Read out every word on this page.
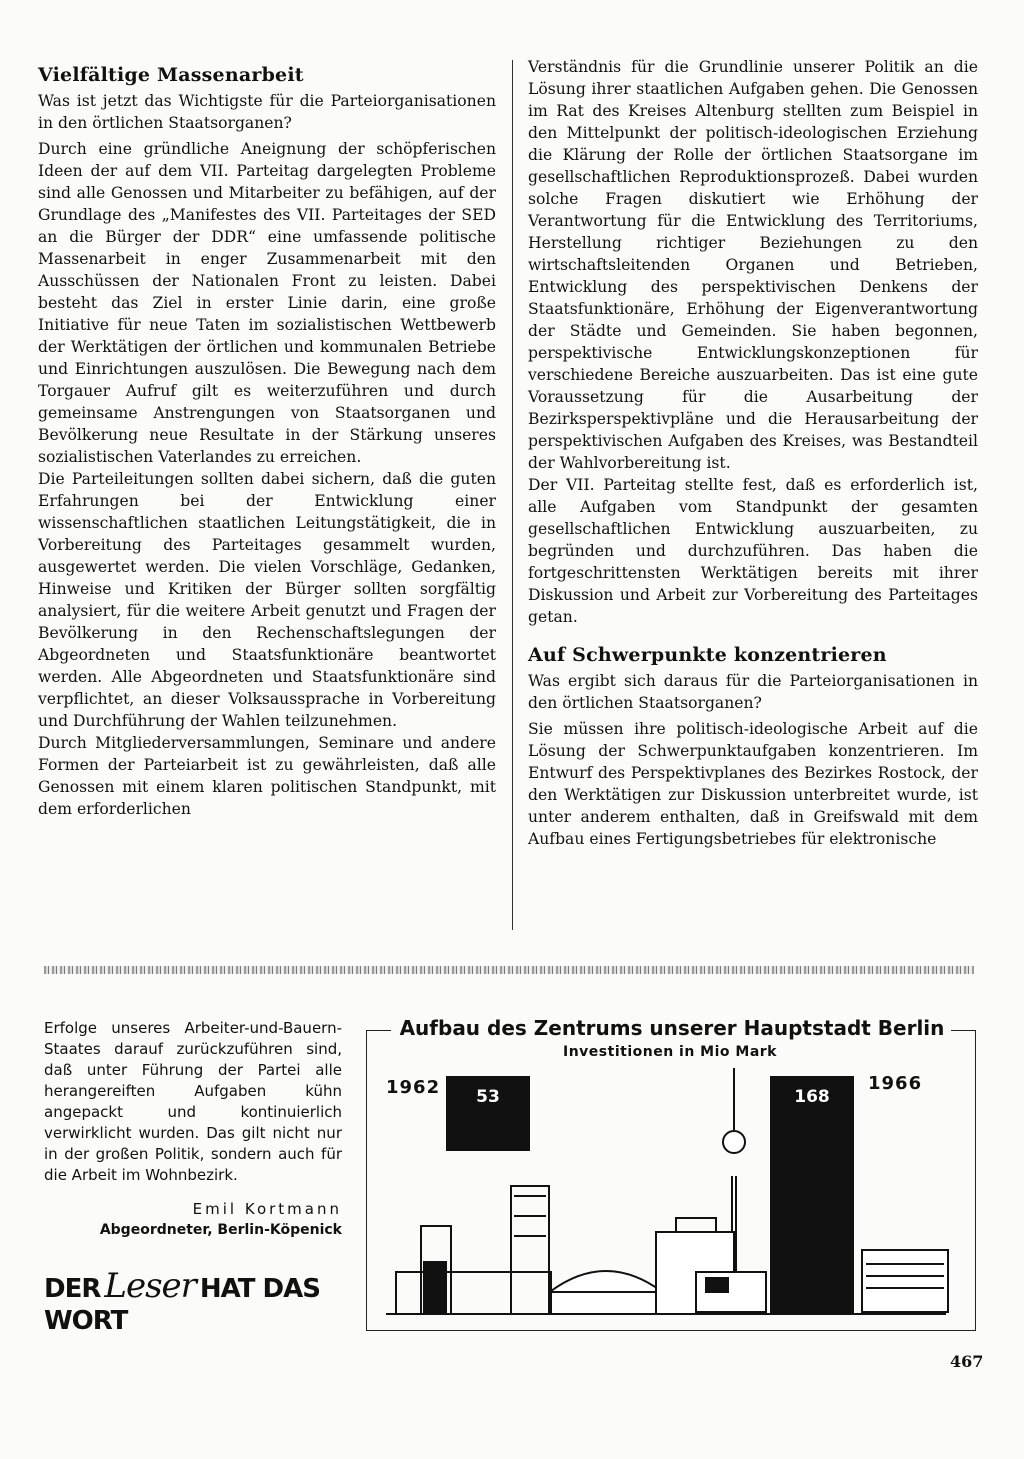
Vielfältige Massenarbeit

Was ist jetzt das Wichtigste für die Parteiorganisationen in den örtlichen Staatsorganen?

Durch eine gründliche Aneignung der schöpferischen Ideen der auf dem VII. Parteitag dargelegten Probleme sind alle Genossen und Mitarbeiter zu befähigen, auf der Grundlage des „Manifestes des VII. Parteitages der SED an die Bürger der DDR“ eine umfassende politische Massenarbeit in enger Zusammenarbeit mit den Ausschüssen der Nationalen Front zu leisten. Dabei besteht das Ziel in erster Linie darin, eine große Initiative für neue Taten im sozialistischen Wettbewerb der Werktätigen der örtlichen und kommunalen Betriebe und Einrichtungen auszulösen. Die Bewegung nach dem Torgauer Aufruf gilt es weiterzuführen und durch gemeinsame Anstrengungen von Staatsorganen und Bevölkerung neue Resultate in der Stärkung unseres sozialistischen Vaterlandes zu erreichen.

Die Parteileitungen sollten dabei sichern, daß die guten Erfahrungen bei der Entwicklung einer wissenschaftlichen staatlichen Leitungstätigkeit, die in Vorbereitung des Parteitages gesammelt wurden, ausgewertet werden. Die vielen Vorschläge, Gedanken, Hinweise und Kritiken der Bürger sollten sorgfältig analysiert, für die weitere Arbeit genutzt und Fragen der Bevölkerung in den Rechenschaftslegungen der Abgeordneten und Staatsfunktionäre beantwortet werden. Alle Abgeordneten und Staatsfunktionäre sind verpflichtet, an dieser Volksaussprache in Vorbereitung und Durchführung der Wahlen teilzunehmen.

Durch Mitgliederversammlungen, Seminare und andere Formen der Parteiarbeit ist zu gewährleisten, daß alle Genossen mit einem klaren politischen Standpunkt, mit dem erforderlichen

Verständnis für die Grundlinie unserer Politik an die Lösung ihrer staatlichen Aufgaben gehen. Die Genossen im Rat des Kreises Altenburg stellten zum Beispiel in den Mittelpunkt der politisch-ideologischen Erziehung die Klärung der Rolle der örtlichen Staatsorgane im gesellschaftlichen Reproduktionsprozeß. Dabei wurden solche Fragen diskutiert wie Erhöhung der Verantwortung für die Entwicklung des Territoriums, Herstellung richtiger Beziehungen zu den wirtschaftsleitenden Organen und Betrieben, Entwicklung des perspektivischen Denkens der Staatsfunktionäre, Erhöhung der Eigenverantwortung der Städte und Gemeinden. Sie haben begonnen, perspektivische Entwicklungskonzeptionen für verschiedene Bereiche auszuarbeiten. Das ist eine gute Voraussetzung für die Ausarbeitung der Bezirksperspektivpläne und die Herausarbeitung der perspektivischen Aufgaben des Kreises, was Bestandteil der Wahlvorbereitung ist.

Der VII. Parteitag stellte fest, daß es erforderlich ist, alle Aufgaben vom Standpunkt der gesamten gesellschaftlichen Entwicklung auszuarbeiten, zu begründen und durchzuführen. Das haben die fortgeschrittensten Werktätigen bereits mit ihrer Diskussion und Arbeit zur Vorbereitung des Parteitages getan.

Auf Schwerpunkte konzentrieren

Was ergibt sich daraus für die Parteiorganisationen in den örtlichen Staatsorganen?

Sie müssen ihre politisch-ideologische Arbeit auf die Lösung der Schwerpunktaufgaben konzentrieren. Im Entwurf des Perspektivplanes des Bezirkes Rostock, der den Werktätigen zur Diskussion unterbreitet wurde, ist unter anderem enthalten, daß in Greifswald mit dem Aufbau eines Fertigungsbetriebes für elektronische

Erfolge unseres Arbeiter-und-Bauern-Staates darauf zurückzuführen sind, daß unter Führung der Partei alle herangereiften Aufgaben kühn angepackt und kontinuierlich verwirklicht wurden. Das gilt nicht nur in der großen Politik, sondern auch für die Arbeit im Wohnbezirk.

Emil Kortmann
Abgeordneter, Berlin-Köpenick
DER Leser HAT DAS WORT
Aufbau des Zentrums unserer Hauptstadt Berlin
Investitionen in Mio Mark
1962	1966
53	168
467
